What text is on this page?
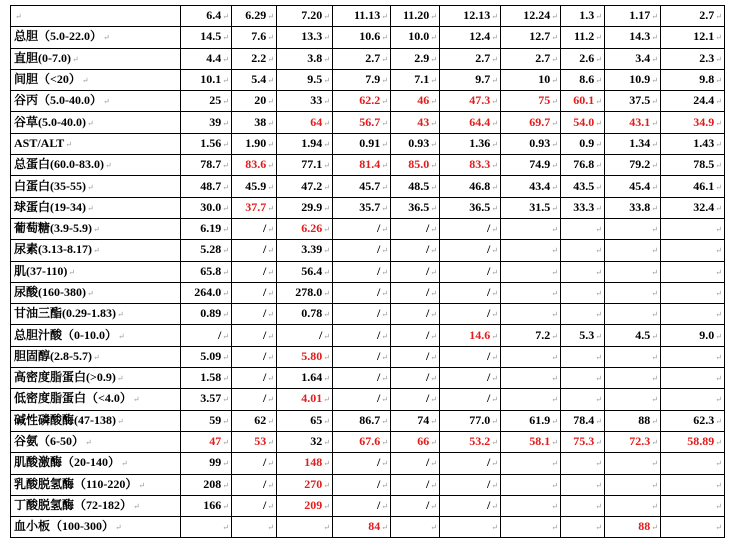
↵	6.4↵	6.29↵	7.20↵	11.13↵	11.20↵	12.13↵	12.24↵	1.3↵	1.17↵	2.7↵
总胆（5.0-22.0）↵	14.5↵	7.6↵	13.3↵	10.6↵	10.0↵	12.4↵	12.7↵	11.2↵	14.3↵	12.1↵
直胆(0-7.0)↵	4.4↵	2.2↵	3.8↵	2.7↵	2.9↵	2.7↵	2.7↵	2.6↵	3.4↵	2.3↵
间胆（<20）↵	10.1↵	5.4↵	9.5↵	7.9↵	7.1↵	9.7↵	10↵	8.6↵	10.9↵	9.8↵
谷丙（5.0-40.0）↵	25↵	20↵	33↵	62.2↵	46↵	47.3↵	75↵	60.1↵	37.5↵	24.4↵
谷草(5.0-40.0)↵	39↵	38↵	64↵	56.7↵	43↵	64.4↵	69.7↵	54.0↵	43.1↵	34.9↵
AST/ALT↵	1.56↵	1.90↵	1.94↵	0.91↵	0.93↵	1.36↵	0.93↵	0.9↵	1.34↵	1.43↵
总蛋白(60.0-83.0)↵	78.7↵	83.6↵	77.1↵	81.4↵	85.0↵	83.3↵	74.9↵	76.8↵	79.2↵	78.5↵
白蛋白(35-55)↵	48.7↵	45.9↵	47.2↵	45.7↵	48.5↵	46.8↵	43.4↵	43.5↵	45.4↵	46.1↵
球蛋白(19-34)↵	30.0↵	37.7↵	29.9↵	35.7↵	36.5↵	36.5↵	31.5↵	33.3↵	33.8↵	32.4↵
葡萄糖(3.9-5.9)↵	6.19↵	/↵	6.26↵	/↵	/↵	/↵	↵	↵	↵	↵
尿素(3.13-8.17)↵	5.28↵	/↵	3.39↵	/↵	/↵	/↵	↵	↵	↵	↵
肌(37-110)↵	65.8↵	/↵	56.4↵	/↵	/↵	/↵	↵	↵	↵	↵
尿酸(160-380)↵	264.0↵	/↵	278.0↵	/↵	/↵	/↵	↵	↵	↵	↵
甘油三酯(0.29-1.83)↵	0.89↵	/↵	0.78↵	/↵	/↵	/↵	↵	↵	↵	↵
总胆汁酸（0-10.0）↵	/↵	/↵	/↵	/↵	/↵	14.6↵	7.2↵	5.3↵	4.5↵	9.0↵
胆固醇(2.8-5.7)↵	5.09↵	/↵	5.80↵	/↵	/↵	/↵	↵	↵	↵	↵
高密度脂蛋白(>0.9)↵	1.58↵	/↵	1.64↵	/↵	/↵	/↵	↵	↵	↵	↵
低密度脂蛋白（<4.0）↵	3.57↵	/↵	4.01↵	/↵	/↵	/↵	↵	↵	↵	↵
碱性磷酸酶(47-138)↵	59↵	62↵	65↵	86.7↵	74↵	77.0↵	61.9↵	78.4↵	88↵	62.3↵
谷氨（6-50）↵	47↵	53↵	32↵	67.6↵	66↵	53.2↵	58.1↵	75.3↵	72.3↵	58.89↵
肌酸激酶（20-140）↵	99↵	/↵	148↵	/↵	/↵	/↵	↵	↵	↵	↵
乳酸脱氢酶（110-220）↵	208↵	/↵	270↵	/↵	/↵	/↵	↵	↵	↵	↵
丁酸脱氢酶（72-182）↵	166↵	/↵	209↵	/↵	/↵	/↵	↵	↵	↵	↵
血小板（100-300）↵	↵	↵	↵	84↵	↵	↵	↵	↵	88↵	↵
